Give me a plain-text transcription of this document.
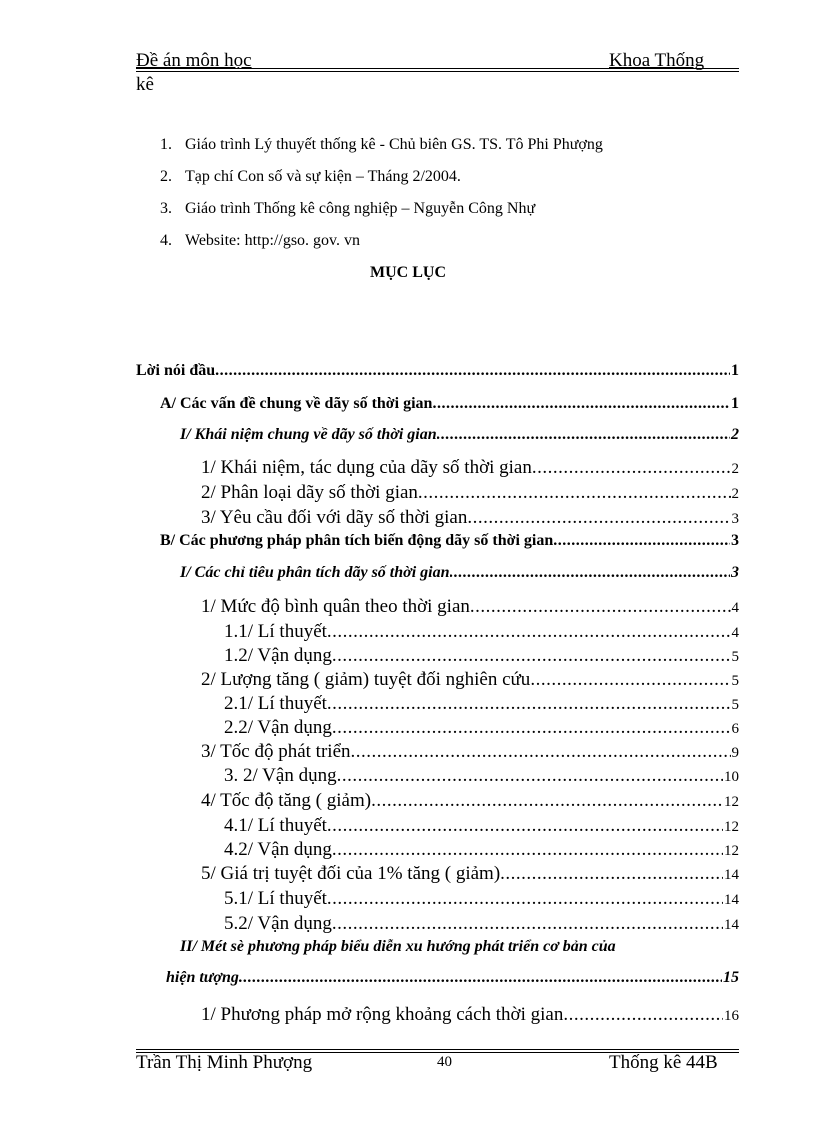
Đề án môn học	Khoa Thống
kê
1. Giáo trình Lý thuyết thống kê - Chủ biên GS. TS. Tô Phi Phượng
2. Tạp chí Con số và sự kiện – Tháng 2/2004.
3. Giáo trình Thống kê công nghiệp – Nguyễn Công Nhự
4. Website: http://gso. gov. vn
MỤC LỤC
Lời nói đầu .....	1
A/ Các vấn đề chung về dãy số thời gian .....	1
I/ Khái niệm chung về dãy số thời gian .....	2
1/ Khái niệm, tác dụng của dãy số thời gian .....	2
2/ Phân loại dãy số thời gian .....	2
3/ Yêu cầu đối với dãy số thời gian .....	3
B/ Các phương pháp phân tích biến động dãy số thời gian .....	3
I/ Các chỉ tiêu phân tích dãy số thời gian .....	3
1/ Mức độ bình quân theo thời gian .....	4
1.1/ Lí thuyết .....	4
1.2/ Vận dụng .....	5
2/ Lượng tăng ( giảm) tuyệt đối nghiên cứu .....	5
2.1/ Lí thuyết .....	5
2.2/ Vận dụng .....	6
3/ Tốc độ phát triển .....	9
3. 2/ Vận dụng .....	10
4/ Tốc độ tăng ( giảm) .....	12
4.1/ Lí thuyết .....	12
4.2/ Vận dụng .....	12
5/ Giá trị tuyệt đối của 1% tăng ( giảm) .....	14
5.1/ Lí thuyết .....	14
5.2/ Vận dụng .....	14
II/ Mét sè phương pháp biểu diễn xu hướng phát triển cơ bản của
hiện tượng .....	15
1/ Phương pháp mở rộng khoảng cách thời gian .....	16
Trần Thị Minh Phượng	40	Thống kê 44B
